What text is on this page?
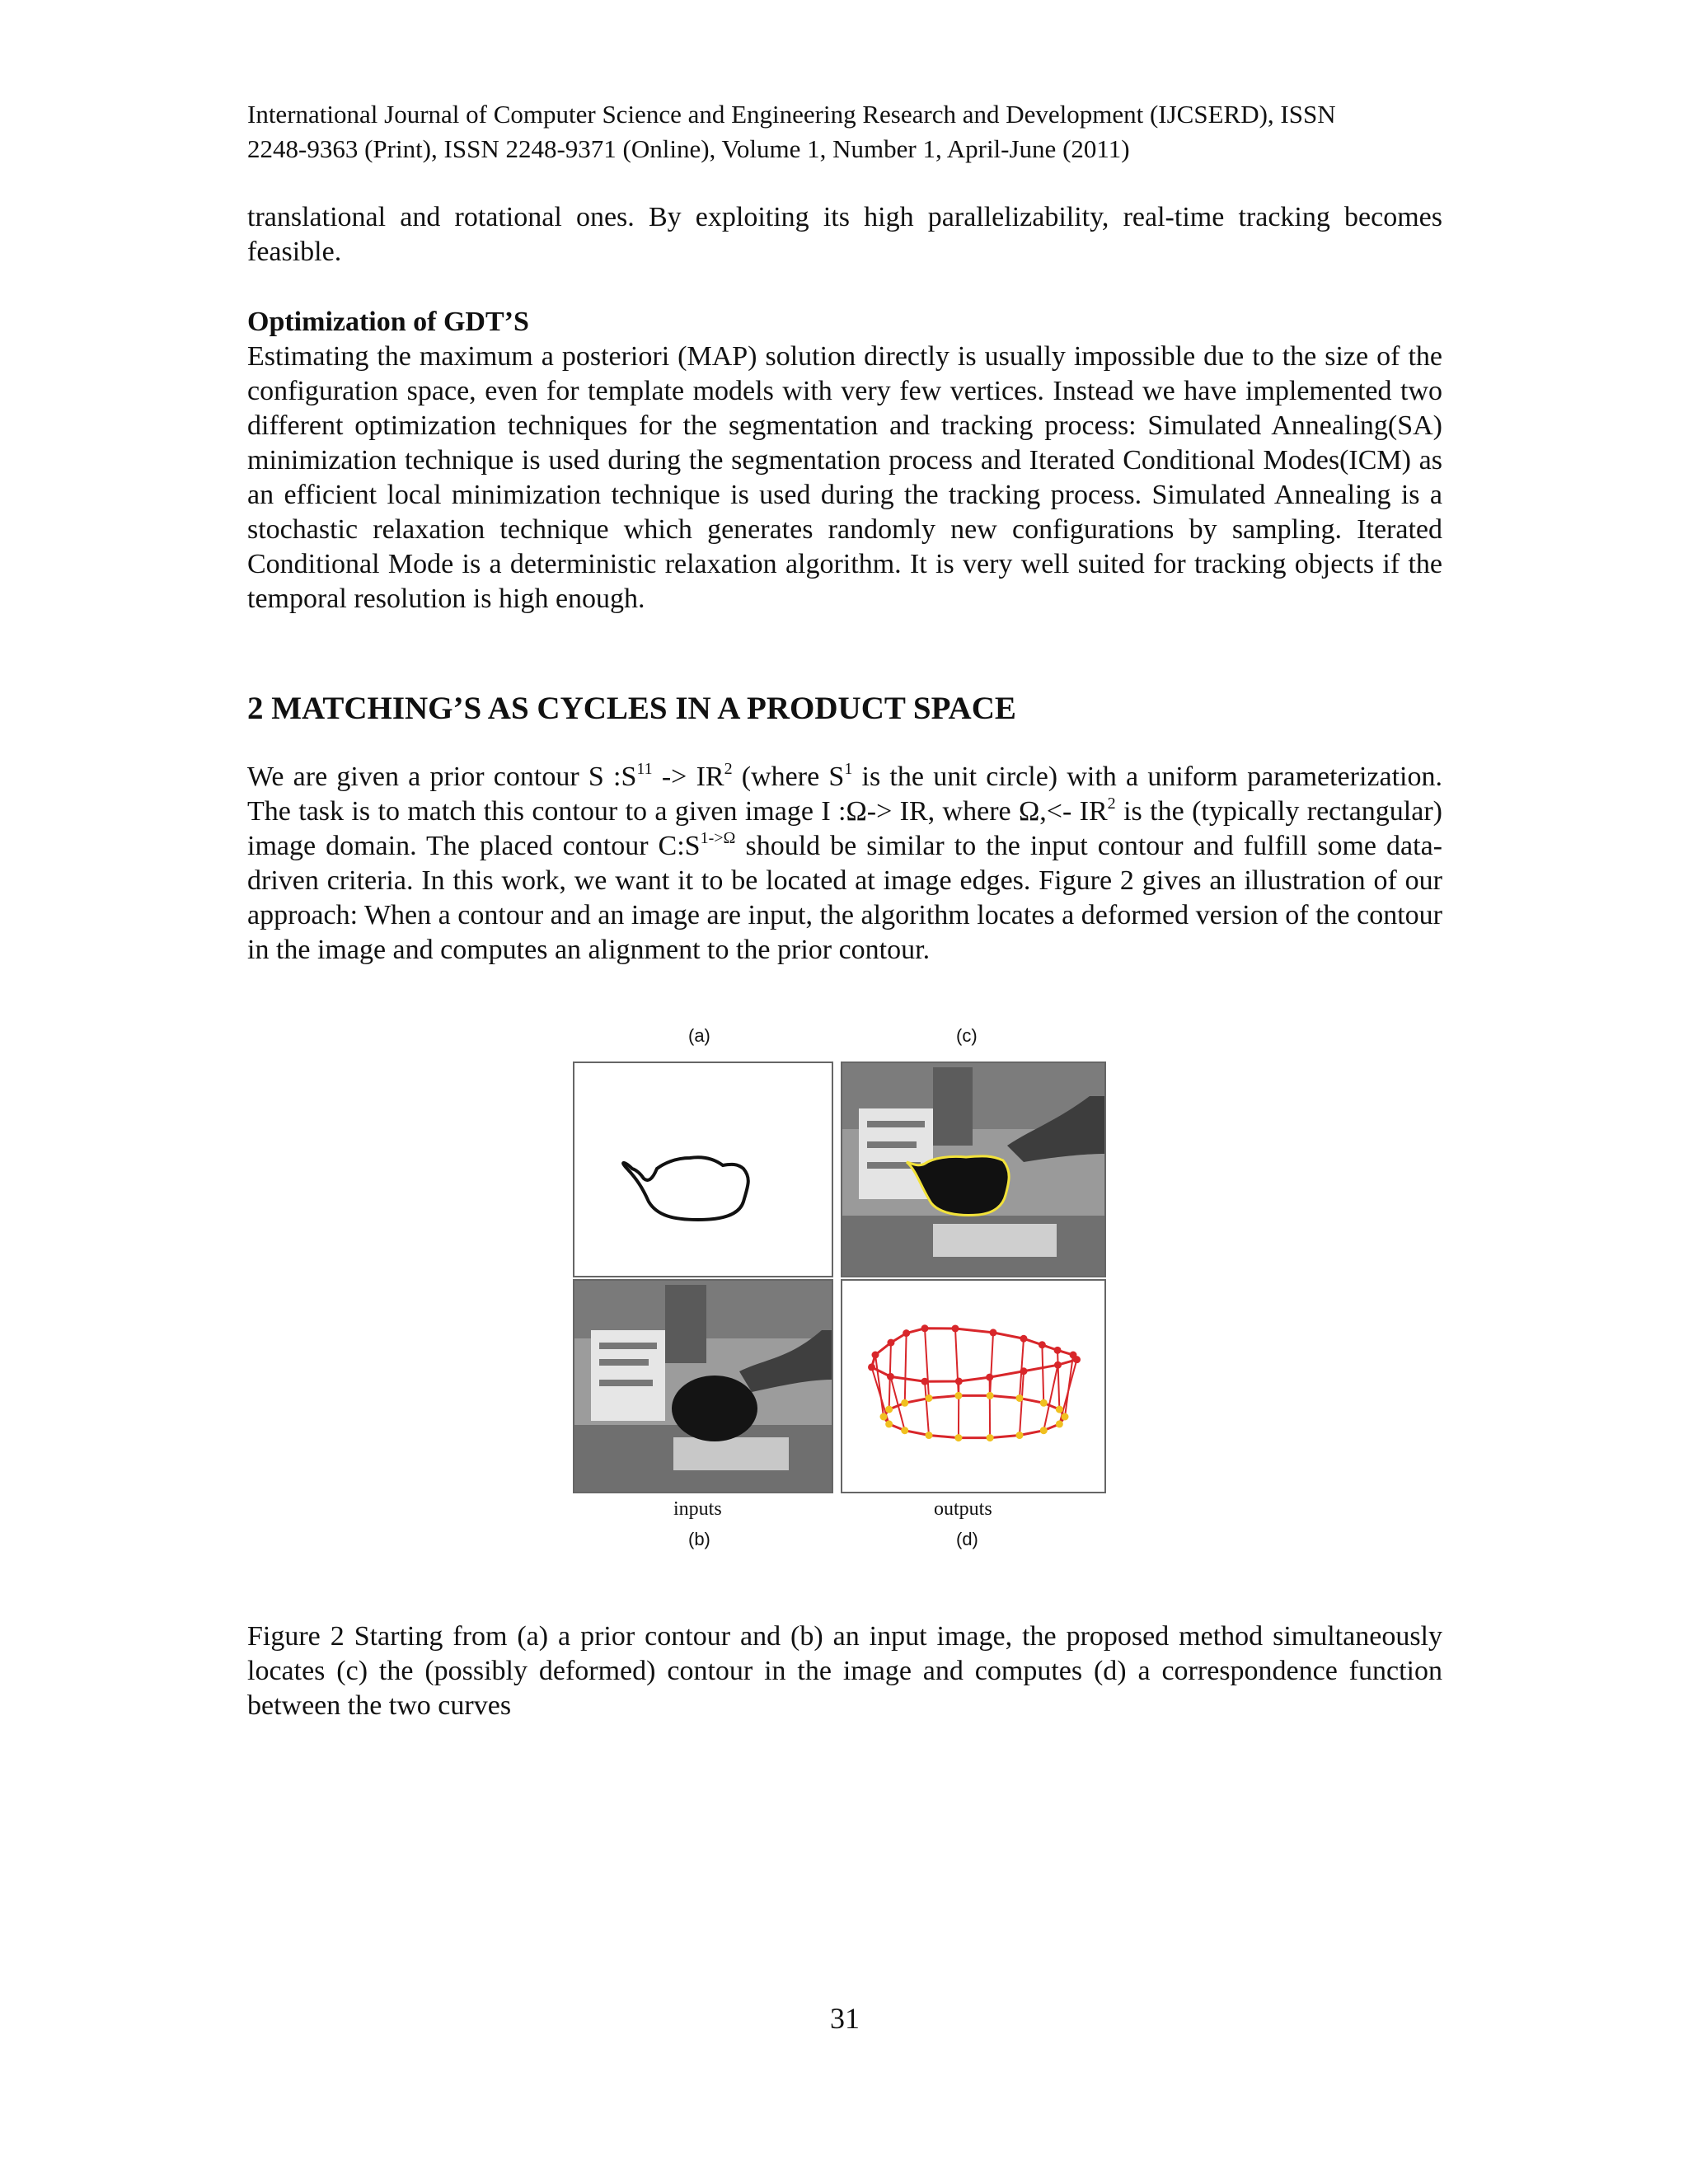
International Journal of Computer Science and Engineering Research and Development (IJCSERD), ISSN
2248-9363 (Print), ISSN 2248-9371 (Online), Volume 1, Number 1, April-June (2011)
translational and rotational ones. By exploiting its high parallelizability, real-time tracking becomes feasible.
Optimization of GDT’S
Estimating the maximum a posteriori (MAP) solution directly is usually impossible due to the size of the configuration space, even for template models with very few vertices. Instead we have implemented two different optimization techniques for the segmentation and tracking process: Simulated Annealing(SA) minimization technique is used during the segmentation process and Iterated Conditional Modes(ICM) as an efficient local minimization technique is used during the tracking process. Simulated Annealing is a stochastic relaxation technique which generates randomly new configurations by sampling. Iterated Conditional Mode is a deterministic relaxation algorithm. It is very well suited for tracking objects if the temporal resolution is high enough.
2 MATCHING’S AS CYCLES IN A PRODUCT SPACE
We are given a prior contour S $:S^{11} -> IR^2$ (where $S^1$ is the unit circle) with a uniform parameterization. The task is to match this contour to a given image I :Ω-> IR, where Ω,<- $IR^2$ is the (typically rectangular) image domain. The placed contour $C:S^{1->\Omega}$ should be similar to the input contour and fulfill some data-driven criteria. In this work, we want it to be located at image edges. Figure 2 gives an illustration of our approach: When a contour and an image are input, the algorithm locates a deformed version of the contour in the image and computes an alignment to the prior contour.
(a)	(c)
inputs	outputs
(b)	(d)
Figure 2 Starting from (a) a prior contour and (b) an input image, the proposed method simultaneously locates (c) the (possibly deformed) contour in the image and computes (d) a correspondence function between the two curves
31
